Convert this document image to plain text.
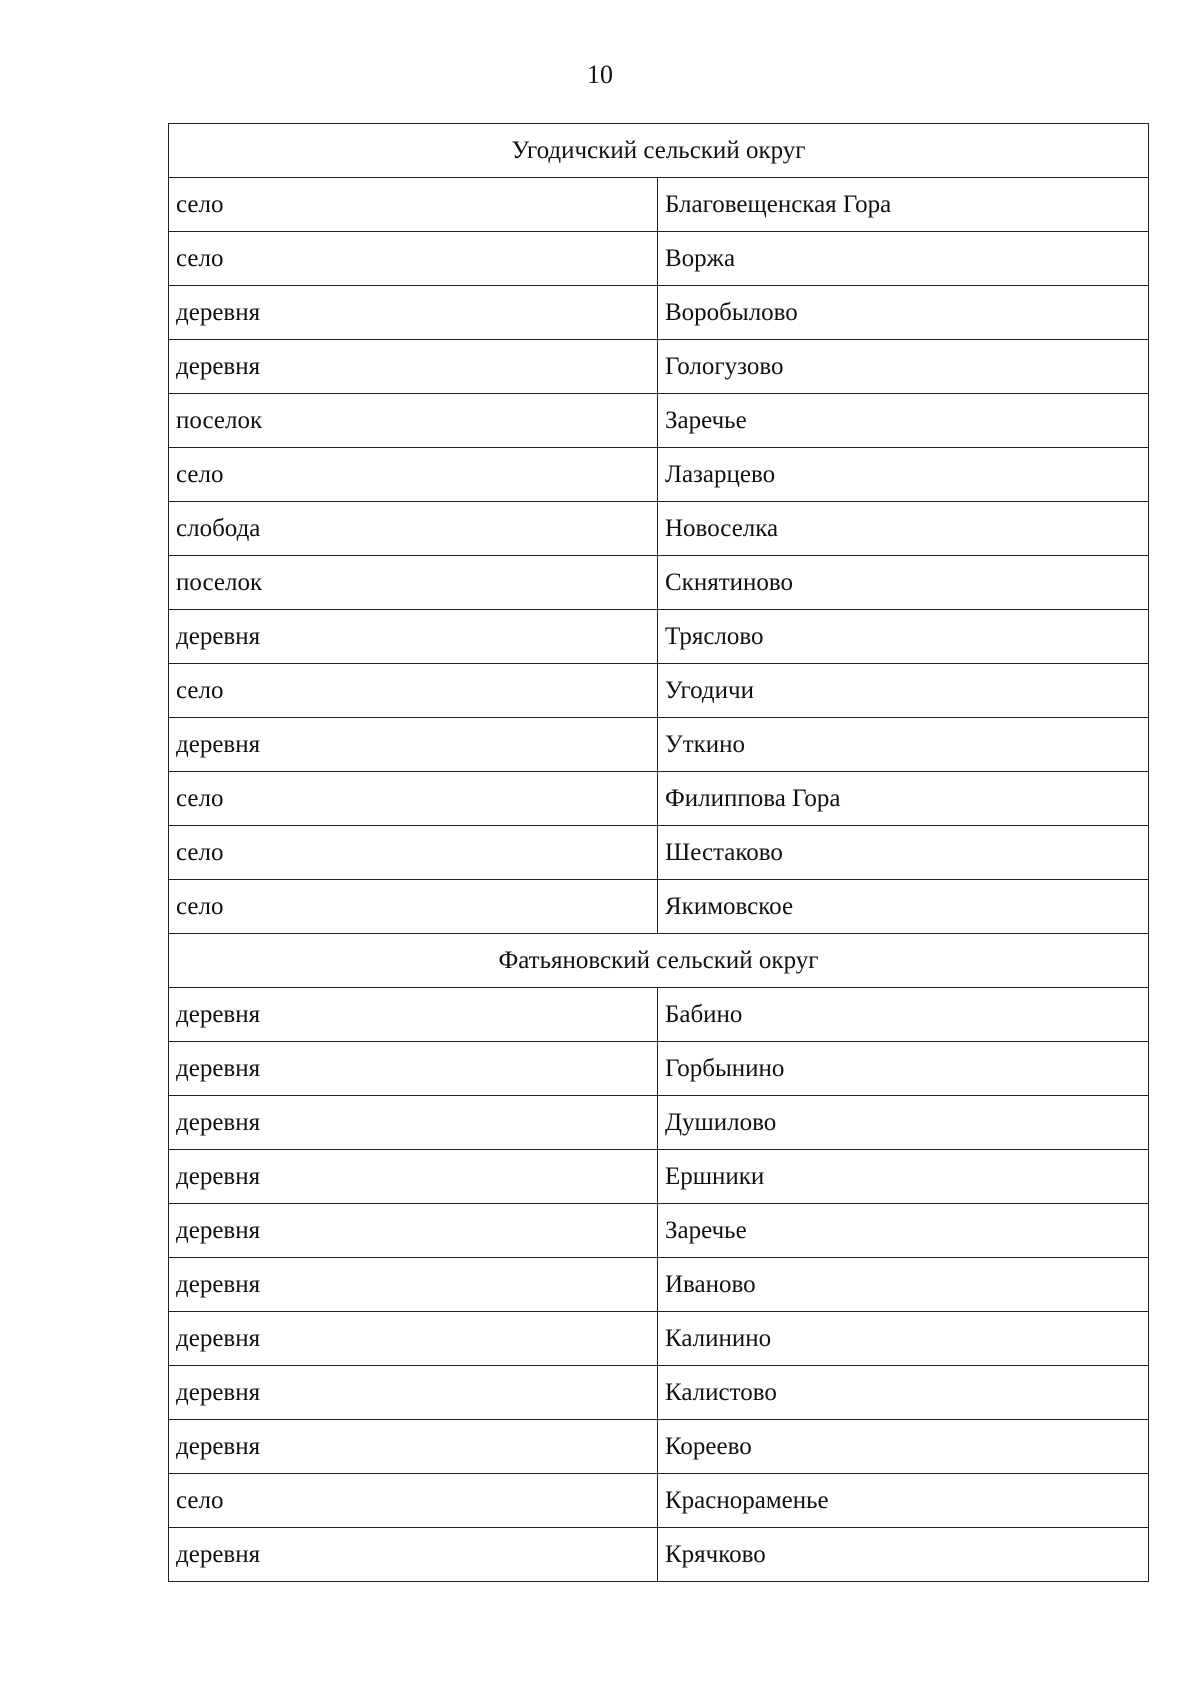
10
Угодичский сельский округ	
село	Благовещенская Гора
село	Воржа
деревня	Воробылово
деревня	Гологузово
поселок	Заречье
село	Лазарцево
слобода	Новоселка
поселок	Скнятиново
деревня	Тряслово
село	Угодичи
деревня	Уткино
село	Филиппова Гора
село	Шестаково
село	Якимовское
Фатьяновский сельский округ	
деревня	Бабино
деревня	Горбынино
деревня	Душилово
деревня	Ершники
деревня	Заречье
деревня	Иваново
деревня	Калинино
деревня	Калистово
деревня	Кореево
село	Краснораменье
деревня	Крячково
